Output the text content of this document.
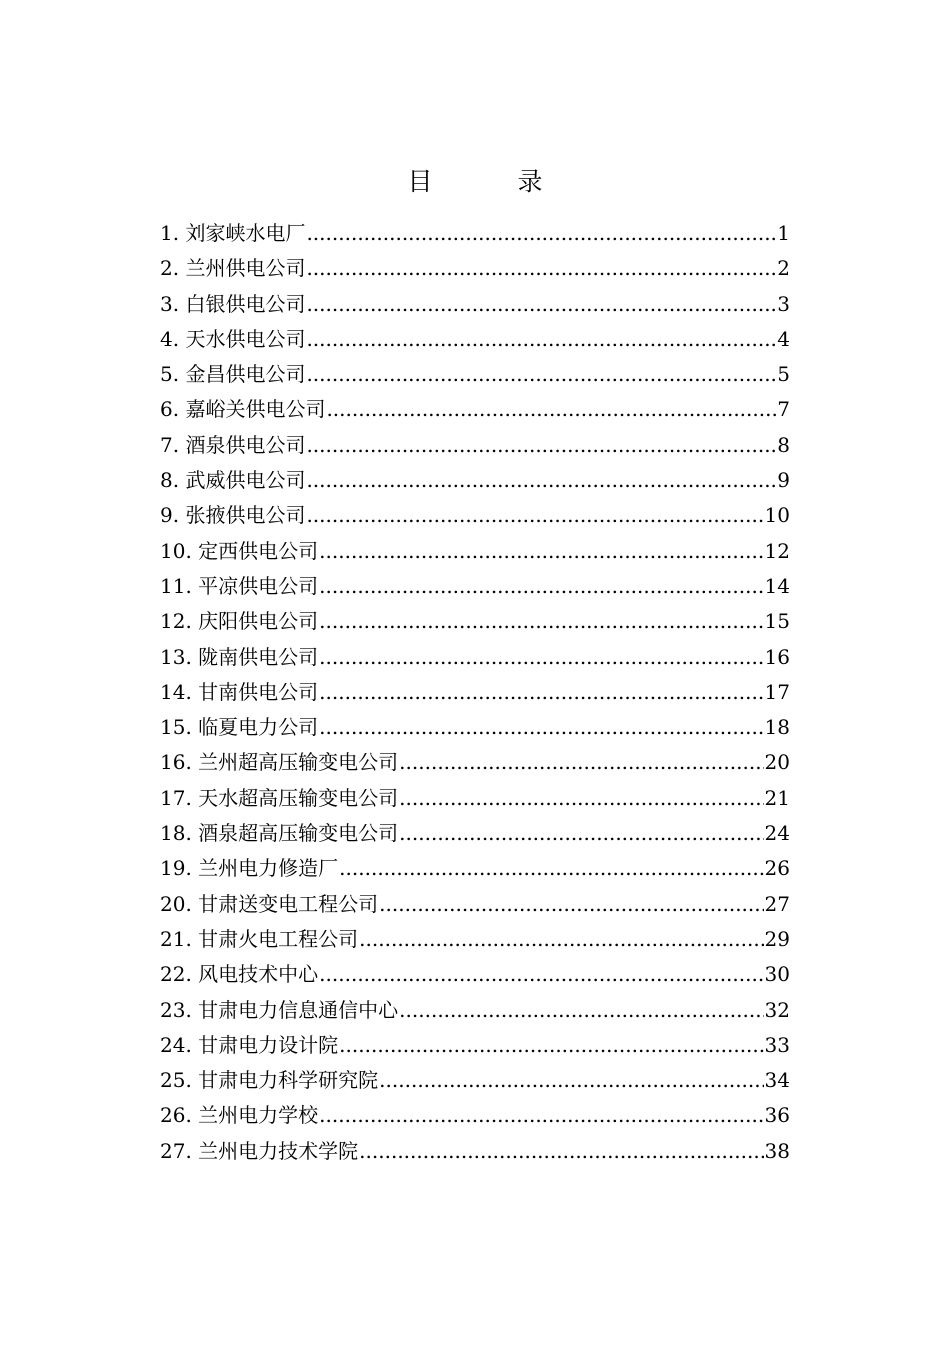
目　录
1. 刘家峡水电厂 .....	1
2. 兰州供电公司 .....	2
3. 白银供电公司 .....	3
4. 天水供电公司 .....	4
5. 金昌供电公司 .....	5
6. 嘉峪关供电公司 .....	7
7. 酒泉供电公司 .....	8
8. 武威供电公司 .....	9
9. 张掖供电公司 .....	10
10. 定西供电公司 .....	12
11. 平凉供电公司 .....	14
12. 庆阳供电公司 .....	15
13. 陇南供电公司 .....	16
14. 甘南供电公司 .....	17
15. 临夏电力公司 .....	18
16. 兰州超高压输变电公司 .....	20
17. 天水超高压输变电公司 .....	21
18. 酒泉超高压输变电公司 .....	24
19. 兰州电力修造厂 .....	26
20. 甘肃送变电工程公司 .....	27
21. 甘肃火电工程公司 .....	29
22. 风电技术中心 .....	30
23. 甘肃电力信息通信中心 .....	32
24. 甘肃电力设计院 .....	33
25. 甘肃电力科学研究院 .....	34
26. 兰州电力学校 .....	36
27. 兰州电力技术学院 .....	38
